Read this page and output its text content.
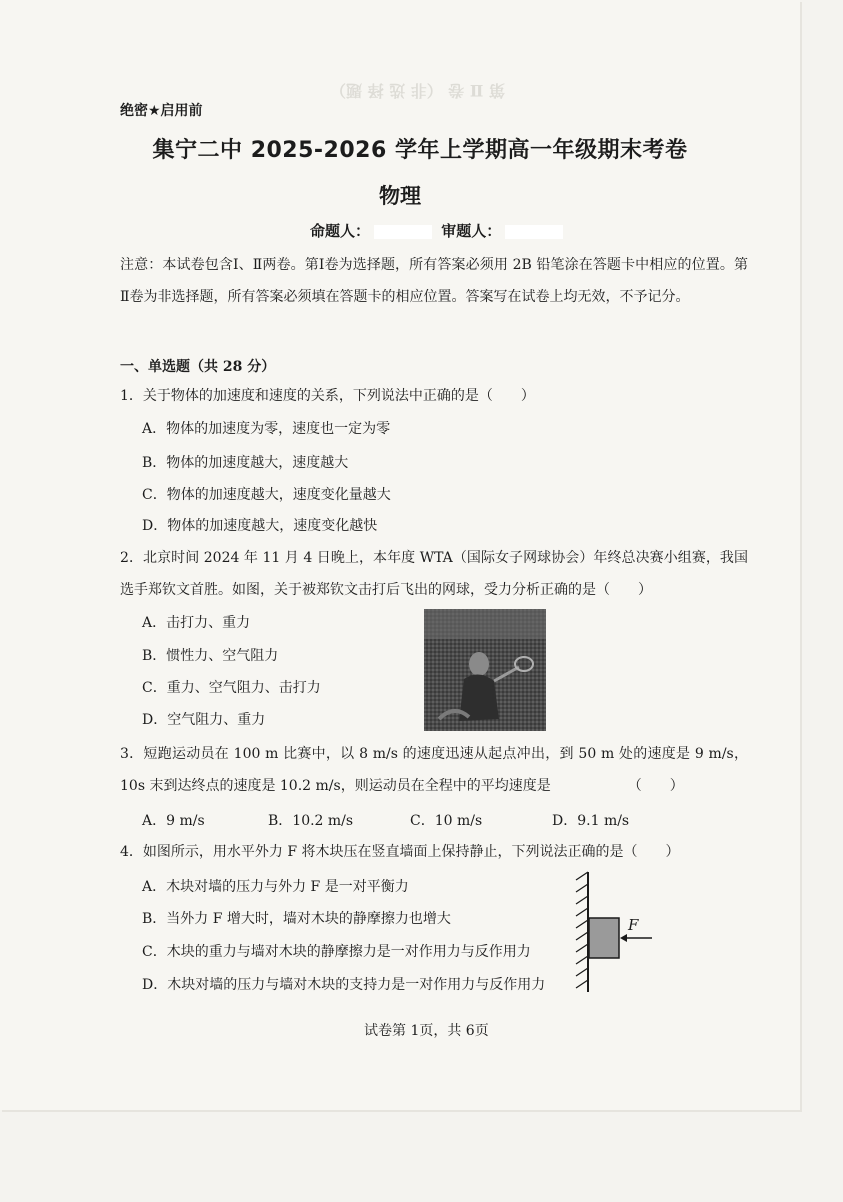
第 Ⅱ 卷 （非 选 择 题）
绝密★启用前
集宁二中 2025-2026 学年上学期高一年级期末考卷
物理
命题人：	审题人：
注意：本试卷包含Ⅰ、Ⅱ两卷。第Ⅰ卷为选择题，所有答案必须用 2B 铅笔涂在答题卡中相应的位置。第Ⅱ卷为非选择题，所有答案必须填在答题卡的相应位置。答案写在试卷上均无效，不予记分。
一、单选题（共 28 分）
1．关于物体的加速度和速度的关系，下列说法中正确的是（　　）
A．物体的加速度为零，速度也一定为零
B．物体的加速度越大，速度越大
C．物体的加速度越大，速度变化量越大
D．物体的加速度越大，速度变化越快
2．北京时间 2024 年 11 月 4 日晚上，本年度 WTA（国际女子网球协会）年终总决赛小组赛，我国选手郑钦文首胜。如图，关于被郑钦文击打后飞出的网球，受力分析正确的是（　　）
A．击打力、重力
B．惯性力、空气阻力
C．重力、空气阻力、击打力
D．空气阻力、重力
3．短跑运动员在 100 m 比赛中，以 8 m/s 的速度迅速从起点冲出，到 50 m 处的速度是 9 m/s，10s 末到达终点的速度是 10.2 m/s，则运动员在全程中的平均速度是　　　　　　（　　）
A．9 m/s	B．10.2 m/s	C．10 m/s	D．9.1 m/s
4．如图所示，用水平外力 F 将木块压在竖直墙面上保持静止，下列说法正确的是（　　）
A．木块对墙的压力与外力 F 是一对平衡力
B．当外力 F 增大时，墙对木块的静摩擦力也增大
C．木块的重力与墙对木块的静摩擦力是一对作用力与反作用力
D．木块对墙的压力与墙对木块的支持力是一对作用力与反作用力
F
试卷第 1页，共 6页
